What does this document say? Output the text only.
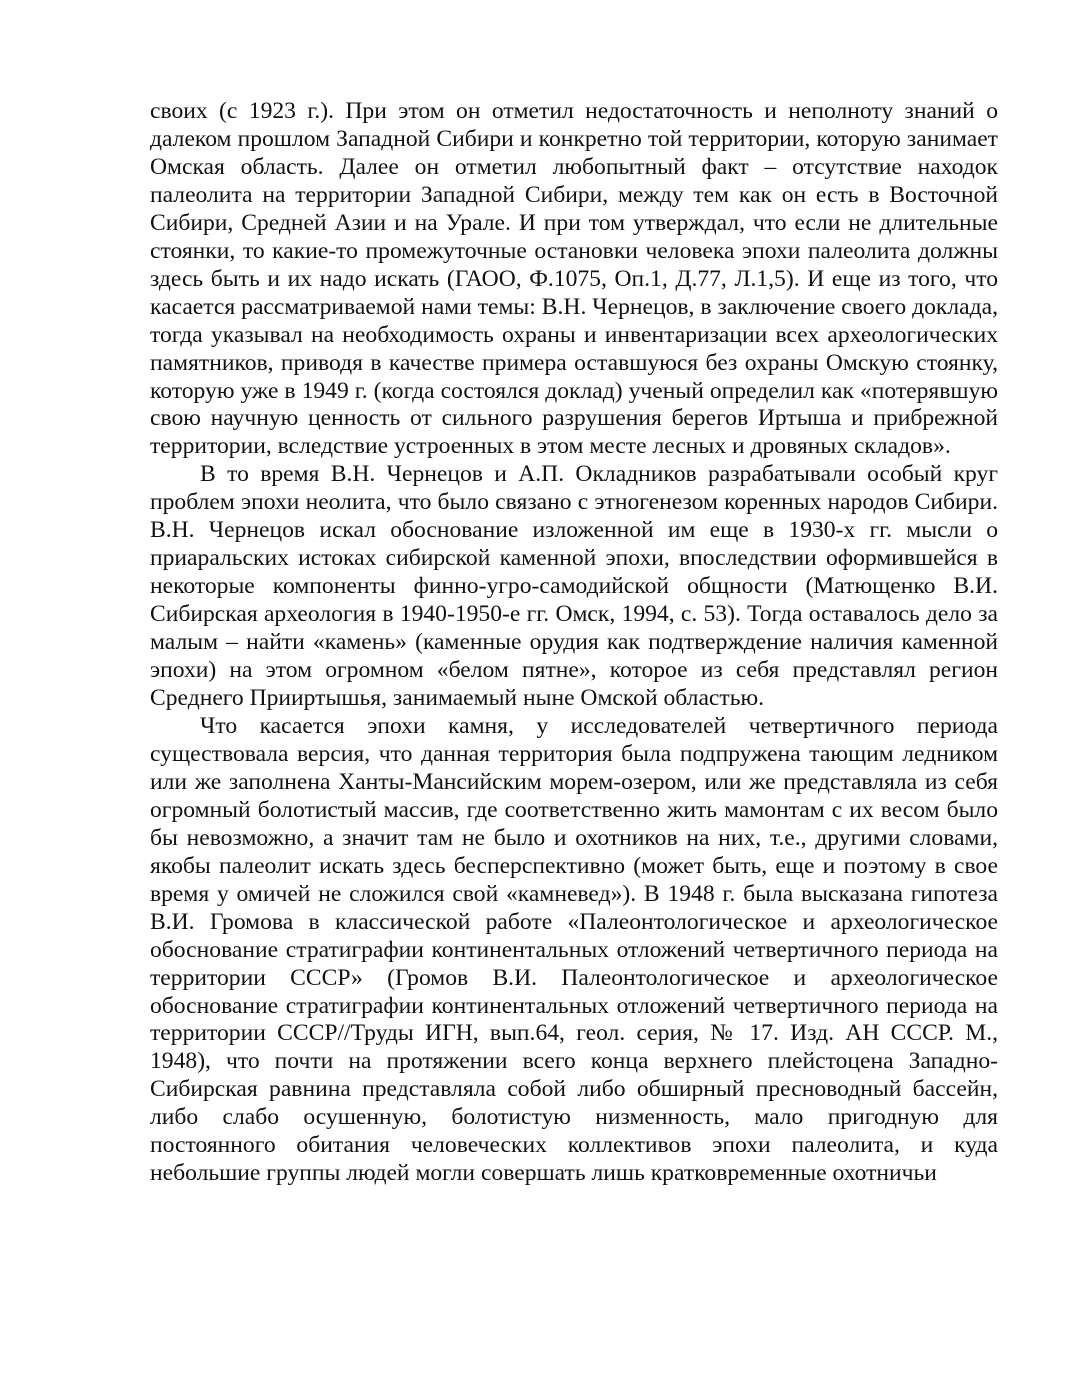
своих (с 1923 г.). При этом он отметил недостаточность и неполноту знаний о далеком прошлом Западной Сибири и конкретно той территории, которую занимает Омская область. Далее он отметил любопытный факт – отсутствие находок палеолита на территории Западной Сибири, между тем как он есть в Восточной Сибири, Средней Азии и на Урале. И при том утверждал, что если не длительные стоянки, то какие-то промежуточные остановки человека эпохи палеолита должны здесь быть и их надо искать (ГАОО, Ф.1075, Оп.1, Д.77, Л.1,5). И еще из того, что касается рассматриваемой нами темы: В.Н. Чернецов, в заключение своего доклада, тогда указывал на необходимость охраны и инвентаризации всех археологических памятников, приводя в качестве примера оставшуюся без охраны Омскую стоянку, которую уже в 1949 г. (когда состоялся доклад) ученый определил как «потерявшую свою научную ценность от сильного разрушения берегов Иртыша и прибрежной территории, вследствие устроенных в этом месте лесных и дровяных складов».

В то время В.Н. Чернецов и А.П. Окладников разрабатывали особый круг проблем эпохи неолита, что было связано с этногенезом коренных народов Сибири. В.Н. Чернецов искал обоснование изложенной им еще в 1930-х гг. мысли о приаральских истоках сибирской каменной эпохи, впоследствии оформившейся в некоторые компоненты финно-угро-самодийской общности (Матющенко В.И. Сибирская археология в 1940-1950-е гг. Омск, 1994, с. 53). Тогда оставалось дело за малым – найти «камень» (каменные орудия как подтверждение наличия каменной эпохи) на этом огромном «белом пятне», которое из себя представлял регион Среднего Прииртышья, занимаемый ныне Омской областью.

Что касается эпохи камня, у исследователей четвертичного периода существовала версия, что данная территория была подпружена тающим ледником или же заполнена Ханты-Мансийским морем-озером, или же представляла из себя огромный болотистый массив, где соответственно жить мамонтам с их весом было бы невозможно, а значит там не было и охотников на них, т.е., другими словами, якобы палеолит искать здесь бесперспективно (может быть, еще и поэтому в свое время у омичей не сложился свой «камневед»). В 1948 г. была высказана гипотеза В.И. Громова в классической работе «Палеонтологическое и археологическое обоснование стратиграфии континентальных отложений четвертичного периода на территории СССР» (Громов В.И. Палеонтологическое и археологическое обоснование стратиграфии континентальных отложений четвертичного периода на территории СССР//Труды ИГН, вып.64, геол. серия, № 17. Изд. АН СССР. М., 1948), что почти на протяжении всего конца верхнего плейстоцена Западно-Сибирская равнина представляла собой либо обширный пресноводный бассейн, либо слабо осушенную, болотистую низменность, мало пригодную для постоянного обитания человеческих коллективов эпохи палеолита, и куда небольшие группы людей могли совершать лишь кратковременные охотничьи
